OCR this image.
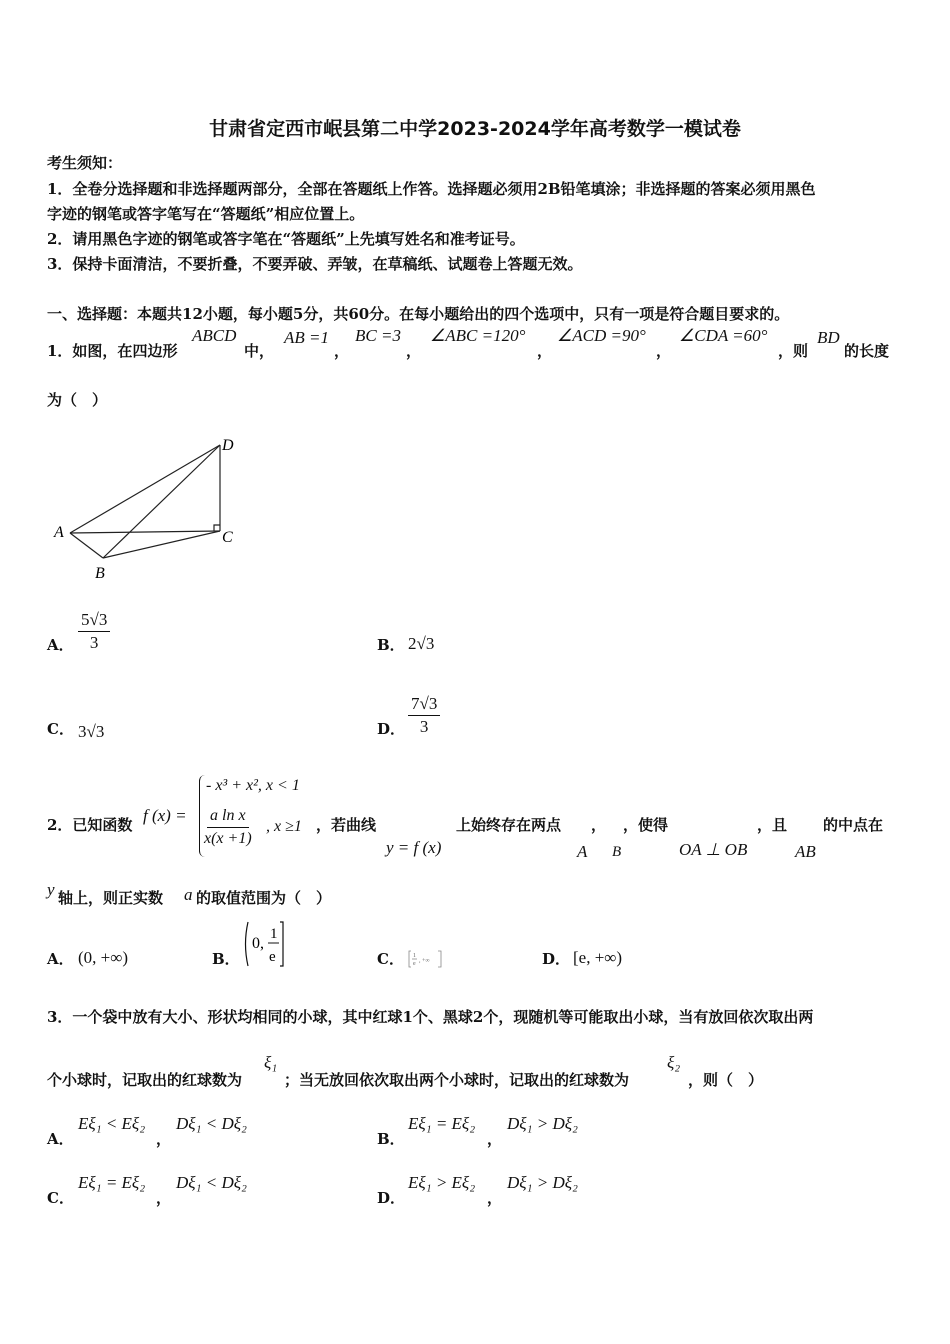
甘肃省定西市岷县第二中学2023-2024学年高考数学一模试卷
考生须知：
1．全卷分选择题和非选择题两部分，全部在答题纸上作答。选择题必须用2B铅笔填涂；非选择题的答案必须用黑色
字迹的钢笔或答字笔写在“答题纸”相应位置上。
2．请用黑色字迹的钢笔或答字笔在“答题纸”上先填写姓名和准考证号。
3．保持卡面清洁，不要折叠，不要弄破、弄皱，在草稿纸、试题卷上答题无效。
一、选择题：本题共12小题，每小题5分，共60分。在每小题给出的四个选项中，只有一项是符合题目要求的。
1．如图，在四边形
ABCD
中，
AB =1
，
BC =3
，
∠ABC =120°
，
∠ACD =90°
，
∠CDA =60°
，则
BD
的长度
为（　）
A
B
C
D
A． $\frac{5√3}{3}$	B． 2√3
C． 3√3	D． $\frac{7√3}{3}$
2．已知函数 f (x) =
- x³ + x², x < 1
$\frac{\text{a ln x}}{x(x +1)}$ , x ≥1 ，若曲线
y = f (x)
上始终存在两点 ， ，使得
A B	OA ⊥ OB
，且
AB
的中点在
y 轴上，则正实数 a 的取值范围为（　）
A． (0, +∞)	B．
0,
1
e	C． 1
e , +∞	D． [e, +∞)
3．一个袋中放有大小、形状均相同的小球，其中红球1个、黑球2个，现随机等可能取出小球，当有放回依次取出两
个小球时，记取出的红球数为
ξ₁
；当无放回依次取出两个小球时，记取出的红球数为
ξ₂
，则（　）
A．
Eξ₁ < Eξ₂
，
Dξ₁ < Dξ₂
B．
Eξ₁ = Eξ₂
，
Dξ₁ > Dξ₂
C．
Eξ₁ = Eξ₂
，
Dξ₁ < Dξ₂
D．
Eξ₁ > Eξ₂
，
Dξ₁ > Dξ₂
